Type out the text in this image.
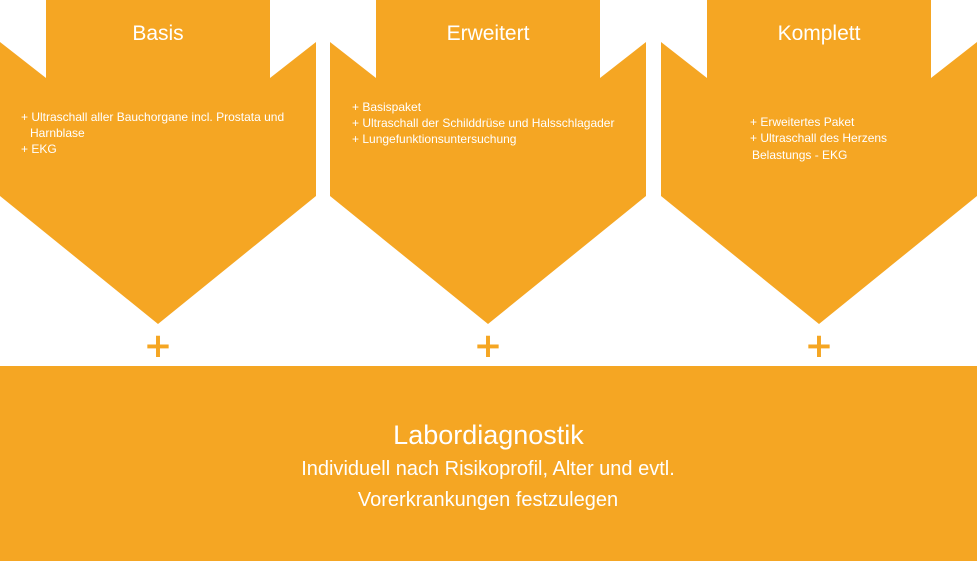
Basis	Erweitert	Komplett
+ Ultraschall aller Bauchorgane incl. Prostata und
Harnblase
+ EKG
+ Basispaket
+ Ultraschall der Schilddrüse und Halsschlagader
+ Lungefunktionsuntersuchung
+ Erweitertes Paket
+ Ultraschall des Herzens
Belastungs - EKG
+	+	+
Labordiagnostik
Individuell nach Risikoprofil, Alter und evtl. Vorerkrankungen festzulegen
